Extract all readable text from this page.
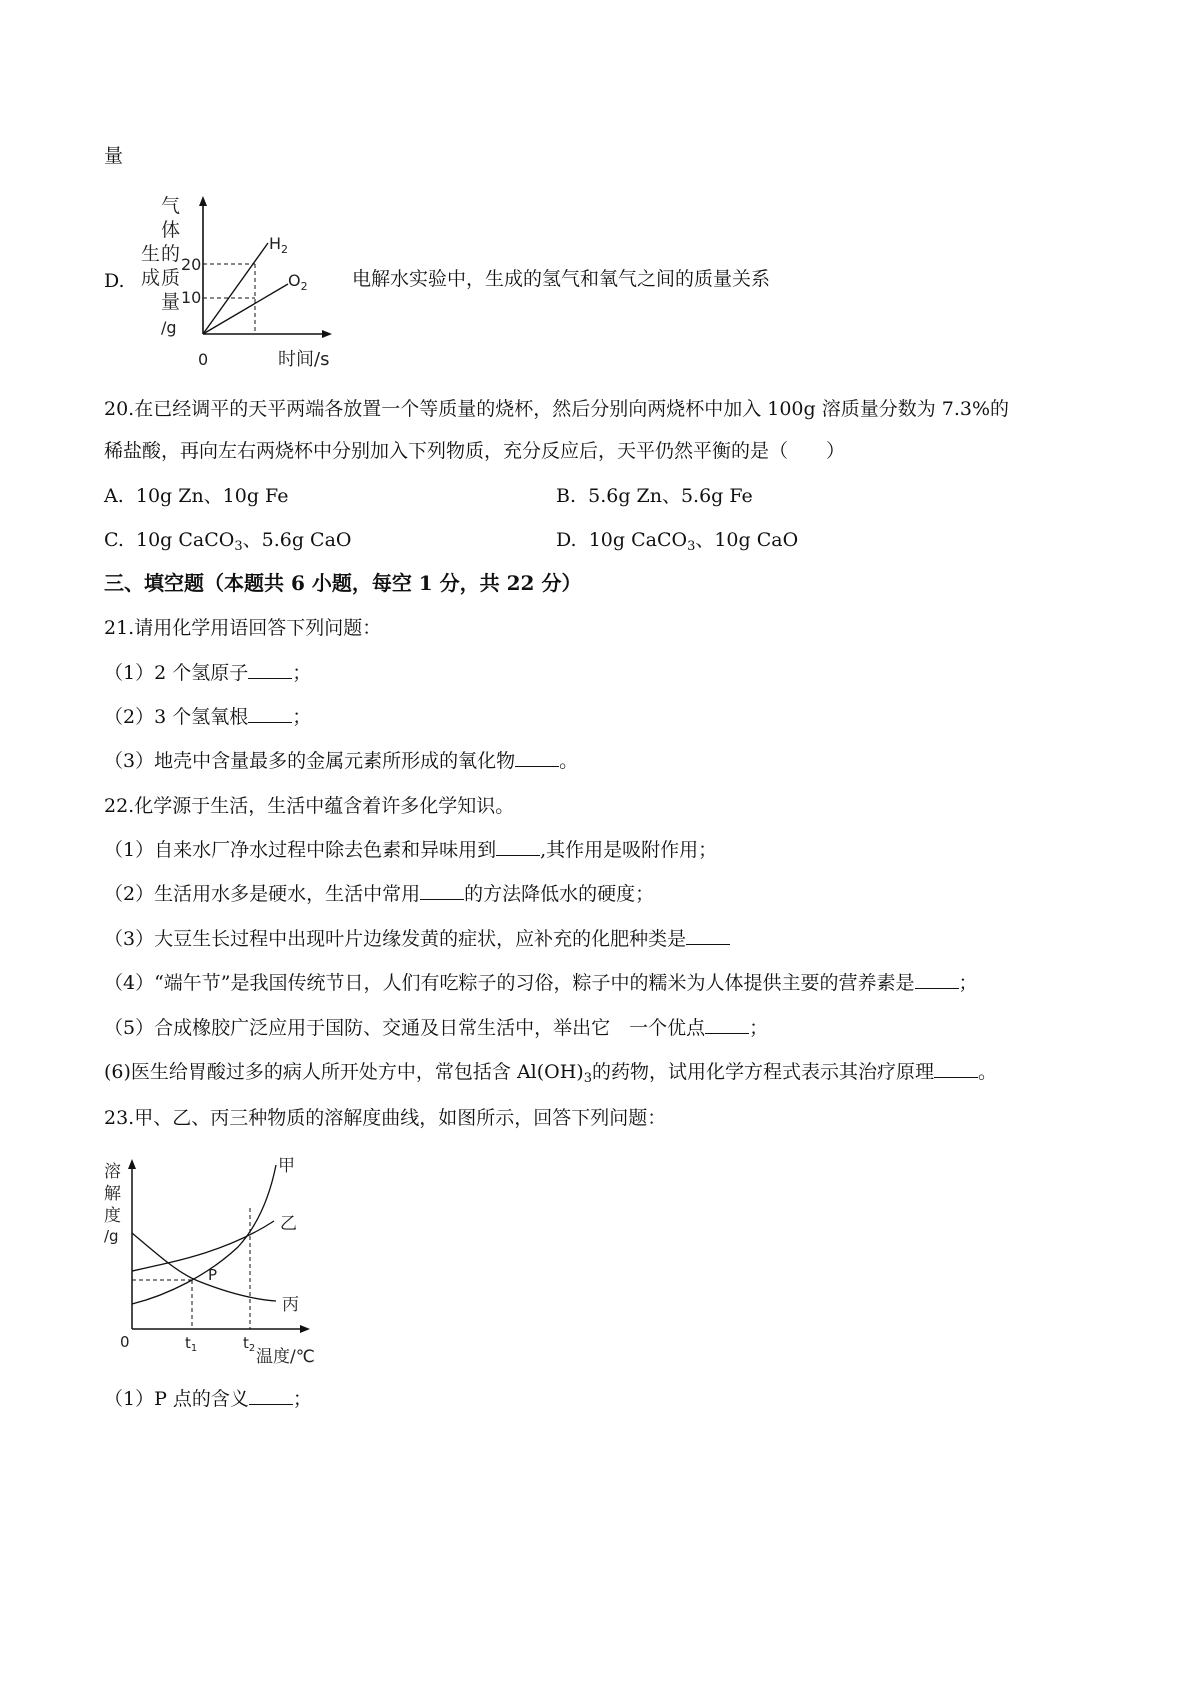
量
D.
生
成
气
体
的
质
量
/g
20
10
$H_2$
$O_2$
0	时间/s
电解水实验中，生成的氢气和氧气之间的质量关系
20.在已经调平的天平两端各放置一个等质量的烧杯，然后分别向两烧杯中加入 100g 溶质量分数为 7.3%的
稀盐酸，再向左右两烧杯中分别加入下列物质，充分反应后，天平仍然平衡的是（　　）
A. 10g Zn、10g Fe	B. 5.6g Zn、5.6g Fe
C. 10g CaCO$_3$、5.6g CaO	D. 10g CaCO$_3$、10g CaO
三、填空题（本题共 6 小题，每空 1 分，共 22 分）
21.请用化学用语回答下列问题：
（1）2 个氢原子 ；
（2）3 个氢氧根 ；
（3）地壳中含量最多的金属元素所形成的氧化物 。
22.化学源于生活，生活中蕴含着许多化学知识。
（1）自来水厂净水过程中除去色素和异味用到 ,其作用是吸附作用；
（2）生活用水多是硬水，生活中常用 的方法降低水的硬度；
（3）大豆生长过程中出现叶片边缘发黄的症状，应补充的化肥种类是
（4）“端午节”是我国传统节日，人们有吃粽子的习俗，粽子中的糯米为人体提供主要的营养素是 ；
（5）合成橡胶广泛应用于国防、交通及日常生活中，举出它　一个优点 ；
(6)医生给胃酸过多的病人所开处方中，常包括含 $Al(OH)_3$的药物，试用化学方程式表示其治疗原理 。
23.甲、乙、丙三种物质的溶解度曲线，如图所示，回答下列问题：
溶
解
度
/g
甲
乙
丙
P
0	$t_1$	$t_2$ 温度/℃
（1）P 点的含义 ；
